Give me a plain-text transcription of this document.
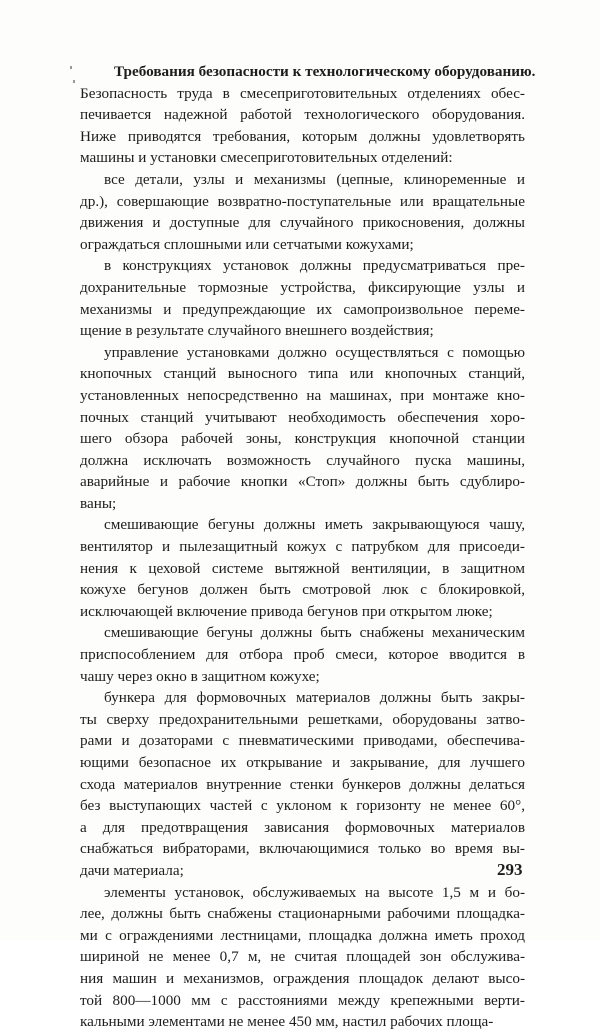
Требования безопасности к технологическому оборудованию.
Безопасность труда в смесеприготовительных отделениях обес-
печивается надежной работой технологического оборудования.
Ниже приводятся требования, которым должны удовлетворять
машины и установки смесеприготовительных отделений:
все детали, узлы и механизмы (цепные, клиноременные и
др.), совершающие возвратно-поступательные или вращательные
движения и доступные для случайного прикосновения, должны
ограждаться сплошными или сетчатыми кожухами;
в конструкциях установок должны предусматриваться пре-
дохранительные тормозные устройства, фиксирующие узлы и
механизмы и предупреждающие их самопроизвольное переме-
щение в результате случайного внешнего воздействия;
управление установками должно осуществляться с помощью
кнопочных станций выносного типа или кнопочных станций,
установленных непосредственно на машинах, при монтаже кно-
почных станций учитывают необходимость обеспечения хоро-
шего обзора рабочей зоны, конструкция кнопочной станции
должна исключать возможность случайного пуска машины,
аварийные и рабочие кнопки «Стоп» должны быть сдублиро-
ваны;
смешивающие бегуны должны иметь закрывающуюся чашу,
вентилятор и пылезащитный кожух с патрубком для присоеди-
нения к цеховой системе вытяжной вентиляции, в защитном
кожухе бегунов должен быть смотровой люк с блокировкой,
исключающей включение привода бегунов при открытом люке;
смешивающие бегуны должны быть снабжены механическим
приспособлением для отбора проб смеси, которое вводится в
чашу через окно в защитном кожухе;
бункера для формовочных материалов должны быть закры-
ты сверху предохранительными решетками, оборудованы затво-
рами и дозаторами с пневматическими приводами, обеспечива-
ющими безопасное их открывание и закрывание, для лучшего
схода материалов внутренние стенки бункеров должны делаться
без выступающих частей с уклоном к горизонту не менее 60°,
а для предотвращения зависания формовочных материалов
снабжаться вибраторами, включающимися только во время вы-
дачи материала;
элементы установок, обслуживаемых на высоте 1,5 м и бо-
лее, должны быть снабжены стационарными рабочими площадка-
ми с ограждениями лестницами, площадка должна иметь проход
шириной не менее 0,7 м, не считая площадей зон обслужива-
ния машин и механизмов, ограждения площадок делают высо-
той 800—1000 мм с расстояниями между крепежными верти-
кальными элементами не менее 450 мм, настил рабочих площа-
293
